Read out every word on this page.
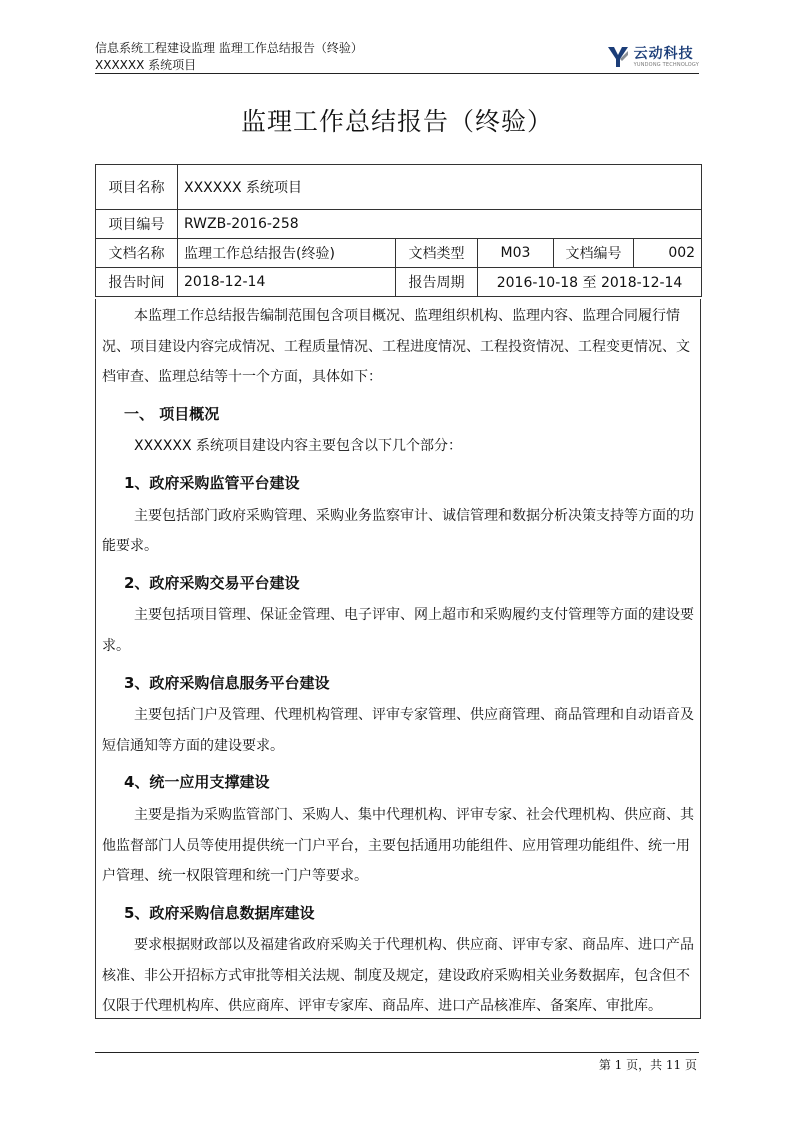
信息系统工程建设监理 监理工作总结报告（终验）
XXXXXX 系统项目
云动科技
YUNDONG TECHNOLOGY
监理工作总结报告（终验）
项目名称	XXXXXX 系统项目				
项目编号	RWZB-2016-258				
文档名称	监理工作总结报告(终验)	文档类型	M03	文档编号	002
报告时间	2018-12-14	报告周期	2016-10-18 至 2018-12-14		

本监理工作总结报告编制范围包含项目概况、监理组织机构、监理内容、监理合同履行情况、项目建设内容完成情况、工程质量情况、工程进度情况、工程投资情况、工程变更情况、文档审查、监理总结等十一个方面，具体如下：

一、 项目概况

XXXXXX 系统项目建设内容主要包含以下几个部分：

1、政府采购监管平台建设

主要包括部门政府采购管理、采购业务监察审计、诚信管理和数据分析决策支持等方面的功能要求。

2、政府采购交易平台建设

主要包括项目管理、保证金管理、电子评审、网上超市和采购履约支付管理等方面的建设要求。

3、政府采购信息服务平台建设

主要包括门户及管理、代理机构管理、评审专家管理、供应商管理、商品管理和自动语音及短信通知等方面的建设要求。

4、统一应用支撑建设

主要是指为采购监管部门、采购人、集中代理机构、评审专家、社会代理机构、供应商、其他监督部门人员等使用提供统一门户平台，主要包括通用功能组件、应用管理功能组件、统一用户管理、统一权限管理和统一门户等要求。

5、政府采购信息数据库建设

要求根据财政部以及福建省政府采购关于代理机构、供应商、评审专家、商品库、进口产品核准、非公开招标方式审批等相关法规、制度及规定，建设政府采购相关业务数据库，包含但不仅限于代理机构库、供应商库、评审专家库、商品库、进口产品核准库、备案库、审批库。

第 1 页，共 11 页
